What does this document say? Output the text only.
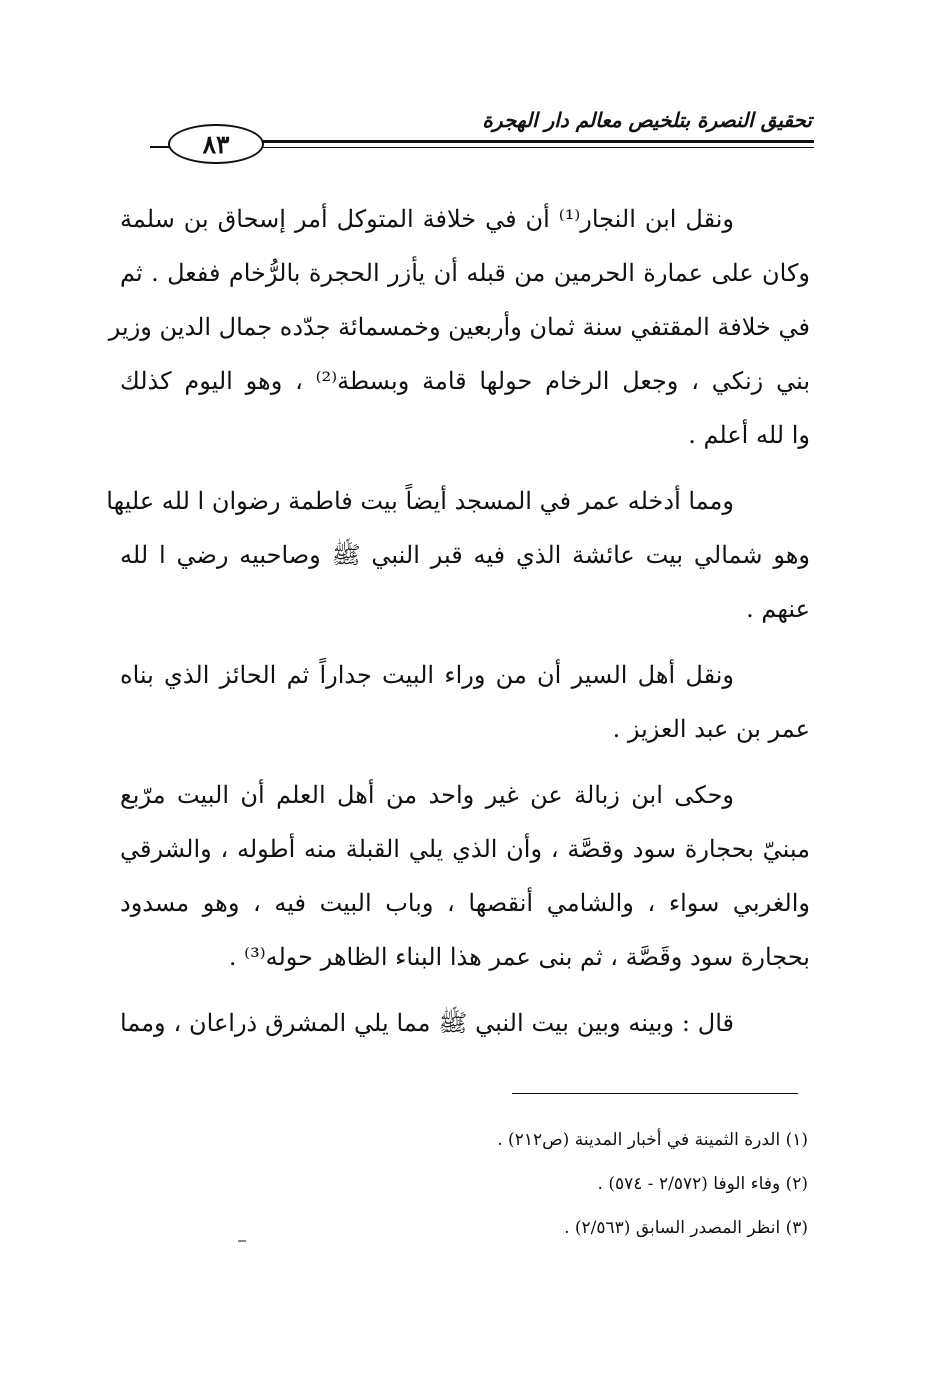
تحقيق النصرة بتلخيص معالم دار الهجرة
٨٣
ونقل ابن النجار⁽¹⁾ أن في خلافة المتوكل أمر إسحاق بن سلمة
وكان على عمارة الحرمين من قبله أن يأزر الحجرة بالرُّخام ففعل . ثم
في خلافة المقتفي سنة ثمان وأربعين وخمسمائة جدّده جمال الدين وزير
بني زنكي ، وجعل الرخام حولها قامة وبسطة⁽²⁾ ، وهو اليوم كذلك
وا لله أعلم .
ومما أدخله عمر في المسجد أيضاً بيت فاطمة رضوان ا لله عليها
وهو شمالي بيت عائشة الذي فيه قبر النبي ﷺ وصاحبيه رضي ا لله
عنهم .
ونقل أهل السير أن من وراء البيت جداراً ثم الحائز الذي بناه
عمر بن عبد العزيز .
وحكى ابن زبالة عن غير واحد من أهل العلم أن البيت مرّبع
مبنيّ بحجارة سود وقصَّة ، وأن الذي يلي القبلة منه أطوله ، والشرقي
والغربي سواء ، والشامي أنقصها ، وباب البيت فيه ، وهو مسدود
بحجارة سود وقَصَّة ، ثم بنى عمر هذا البناء الظاهر حوله⁽³⁾ .
قال : وبينه وبين بيت النبي ﷺ مما يلي المشرق ذراعان ، ومما
(١) الدرة الثمينة في أخبار المدينة (ص٢١٢) .
(٢) وفاء الوفا (٢/٥٧٢ - ٥٧٤) .
(٣) انظر المصدر السابق (٢/٥٦٣) .
